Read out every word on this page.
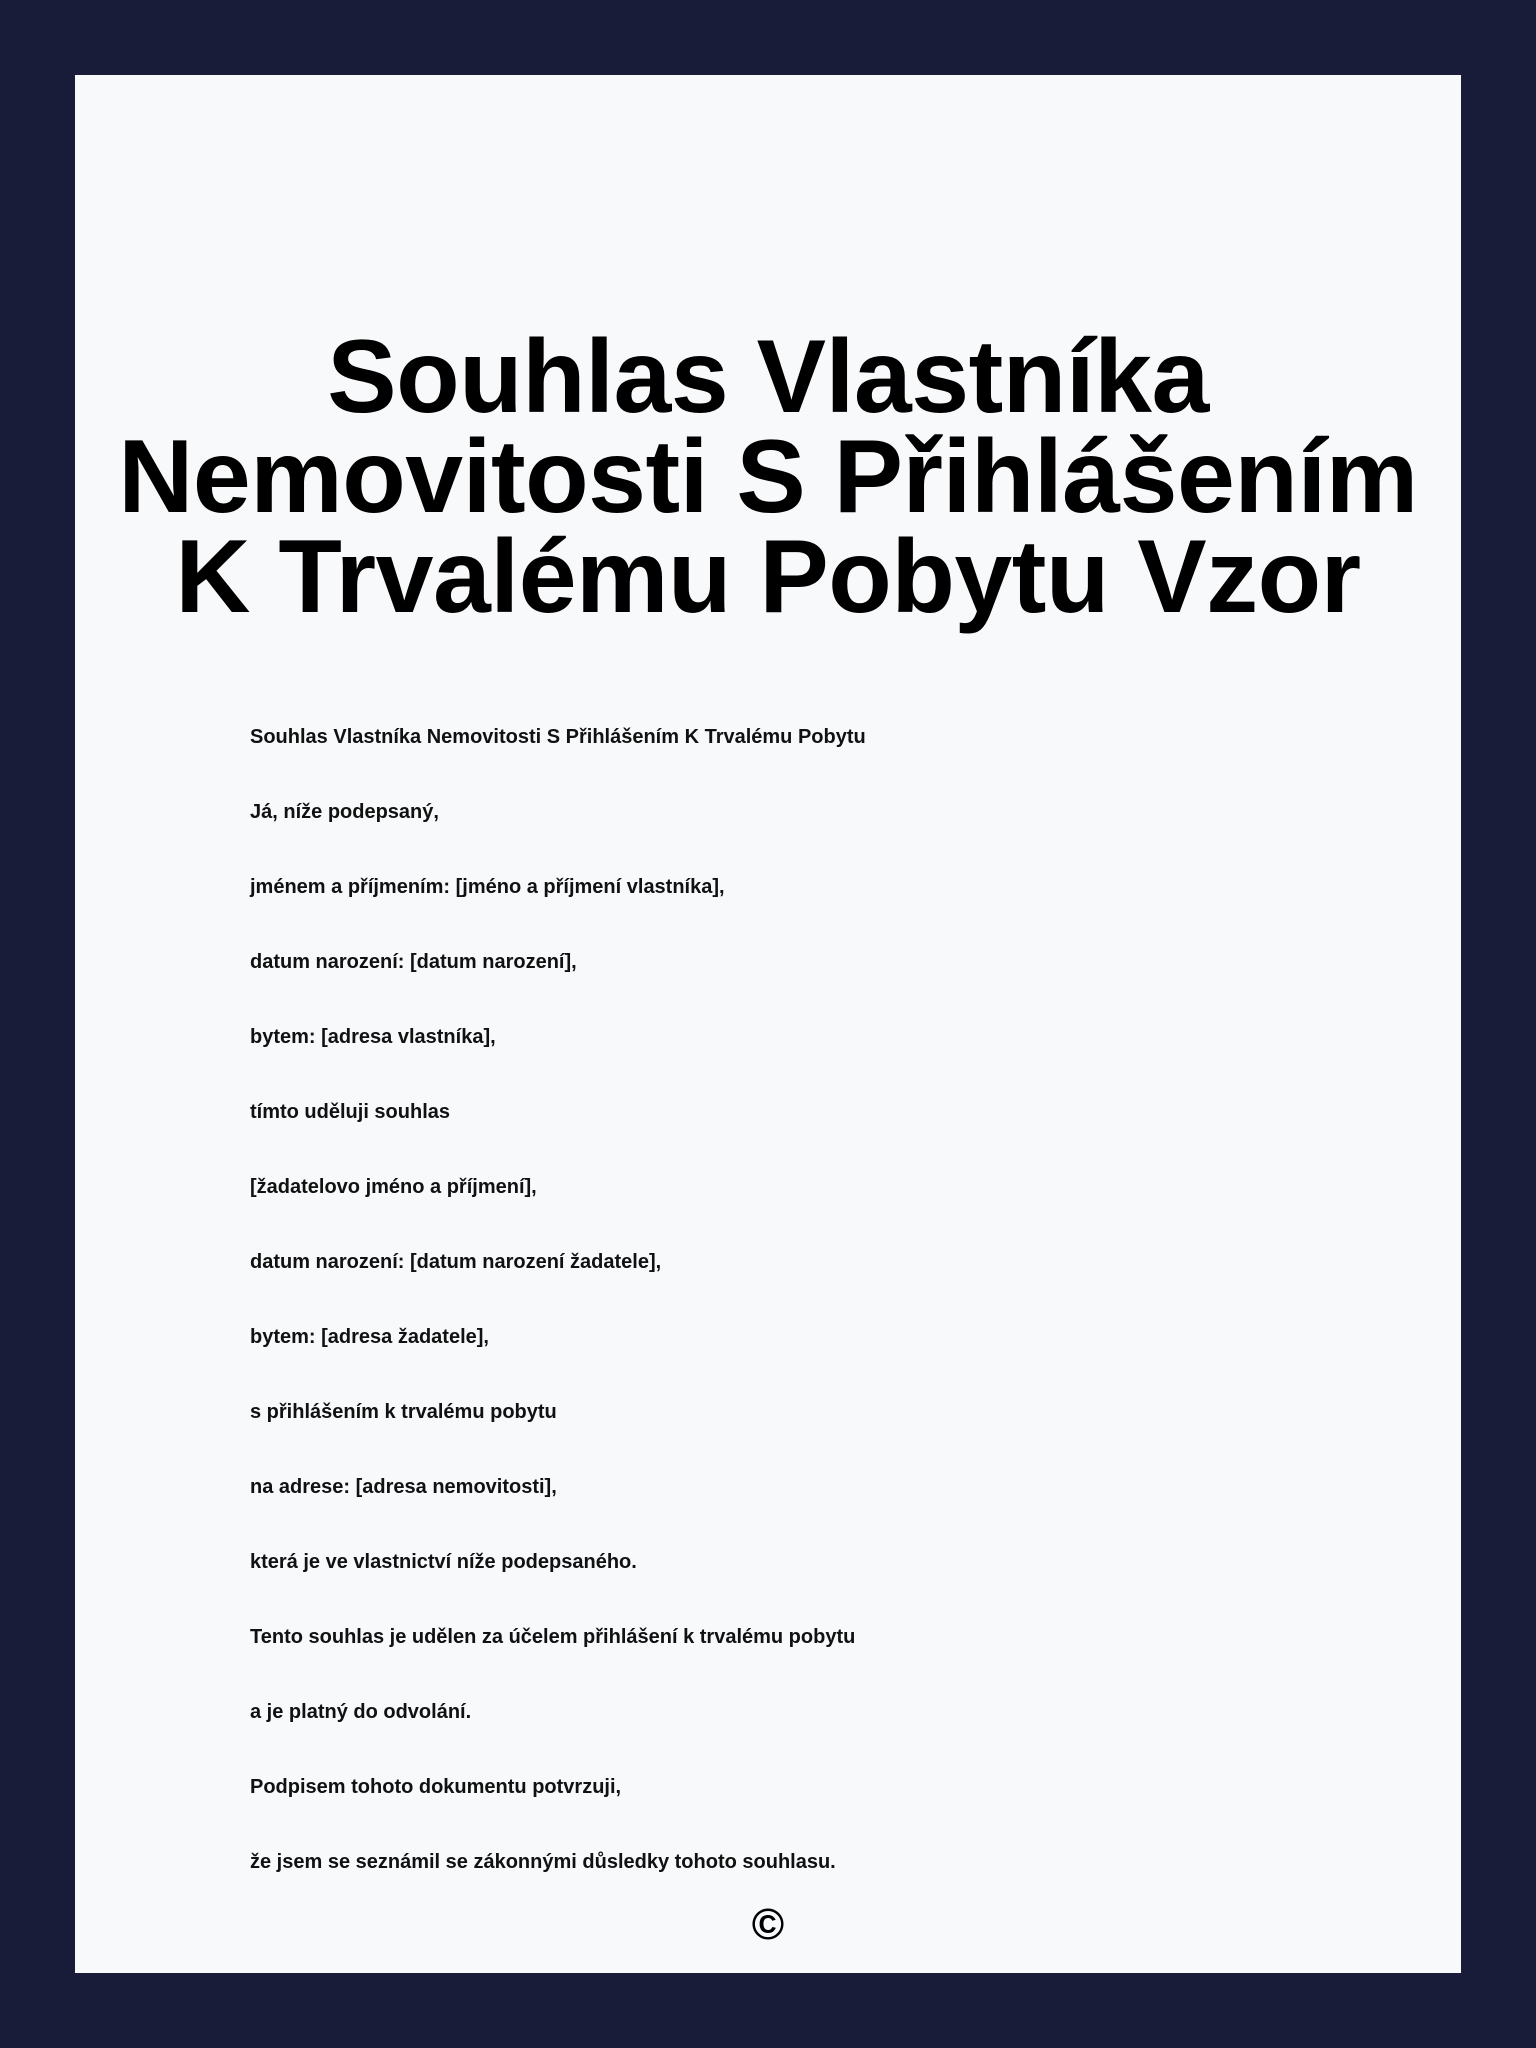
Souhlas Vlastníka Nemovitosti S Přihlášením K Trvalému Pobytu Vzor
Souhlas Vlastníka Nemovitosti S Přihlášením K Trvalému Pobytu
Já, níže podepsaný,
jménem a příjmením: [jméno a příjmení vlastníka],
datum narození: [datum narození],
bytem: [adresa vlastníka],
tímto uděluji souhlas
[žadatelovo jméno a příjmení],
datum narození: [datum narození žadatele],
bytem: [adresa žadatele],
s přihlášením k trvalému pobytu
na adrese: [adresa nemovitosti],
která je ve vlastnictví níže podepsaného.
Tento souhlas je udělen za účelem přihlášení k trvalému pobytu
a je platný do odvolání.
Podpisem tohoto dokumentu potvrzuji,
že jsem se seznámil se zákonnými důsledky tohoto souhlasu.
©
